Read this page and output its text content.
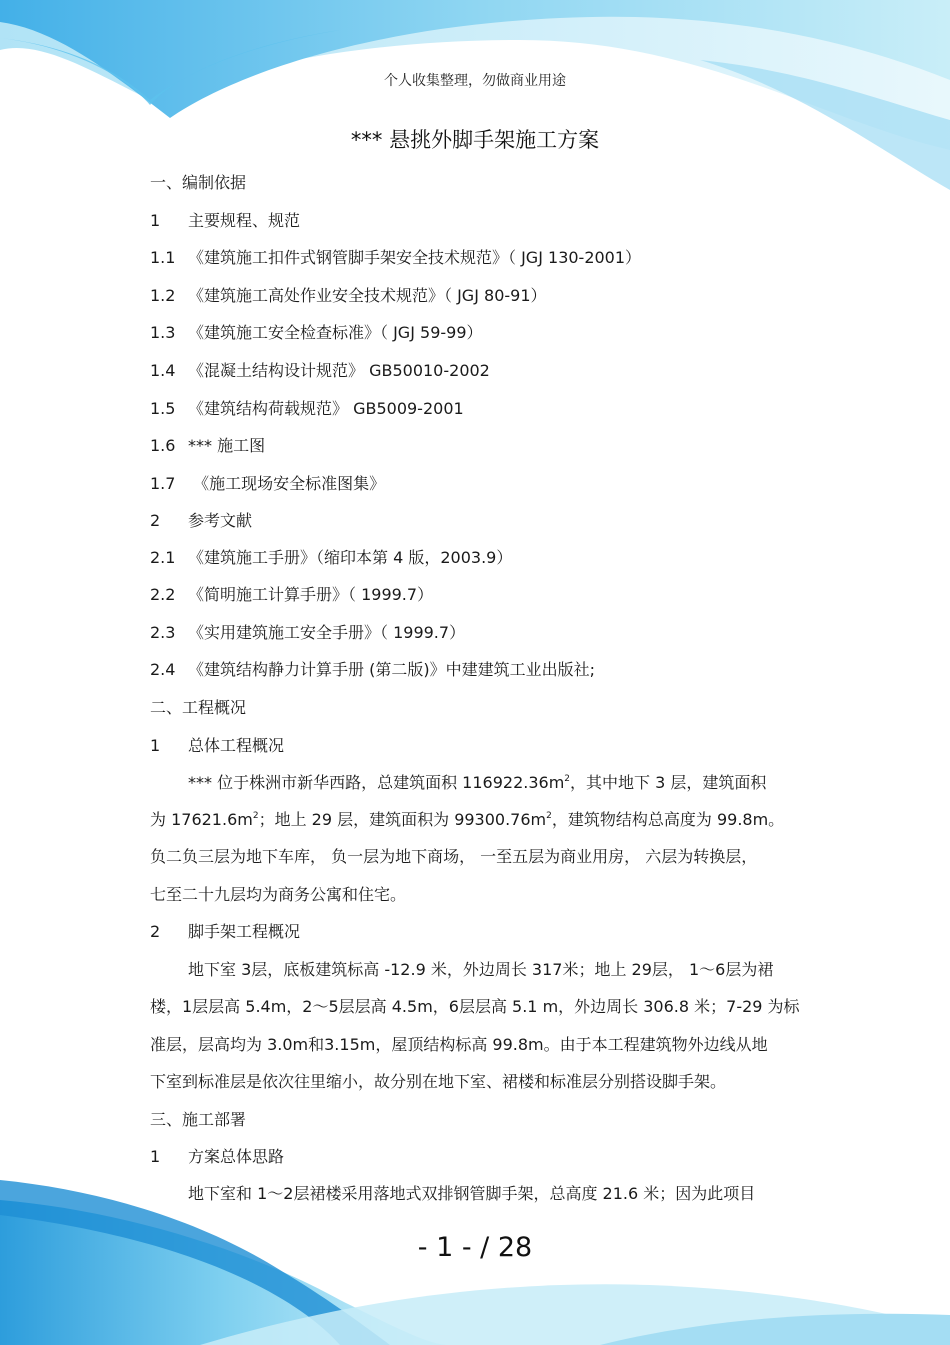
个人收集整理，勿做商业用途
*** 悬挑外脚手架施工方案
一、编制依据
1 主要规程、规范
1.1 《建筑施工扣件式钢管脚手架安全技术规范》（ JGJ 130-2001）
1.2 《建筑施工高处作业安全技术规范》（ JGJ 80-91）
1.3 《建筑施工安全检查标准》（ JGJ 59-99）
1.4 《混凝土结构设计规范》 GB50010-2002
1.5 《建筑结构荷载规范》 GB5009-2001
1.6 *** 施工图
1.7 《施工现场安全标准图集》
2 参考文献
2.1 《建筑施工手册》（缩印本第 4 版，2003.9）
2.2 《简明施工计算手册》（ 1999.7）
2.3 《实用建筑施工安全手册》（ 1999.7）
2.4 《建筑结构静力计算手册 (第二版)》中建建筑工业出版社;
二、工程概况
1 总体工程概况
*** 位于株洲市新华西路，总建筑面积 $116922.36m^2$，其中地下 3 层，建筑面积
为 $17621.6m^2$；地上 29 层，建筑面积为 $99300.76m^2$，建筑物结构总高度为 99.8m。
负二负三层为地下车库， 负一层为地下商场， 一至五层为商业用房， 六层为转换层，
七至二十九层均为商务公寓和住宅。
2 脚手架工程概况
地下室 3层，底板建筑标高 -12.9 米，外边周长 317米；地上 29层， 1～6层为裙
楼，1层层高 5.4m，2～5层层高 4.5m，6层层高 5.1 m，外边周长 306.8 米；7-29 为标
准层，层高均为 3.0m和3.15m，屋顶结构标高 99.8m。由于本工程建筑物外边线从地
下室到标准层是依次往里缩小，故分别在地下室、裙楼和标准层分别搭设脚手架。
三、施工部署
1 方案总体思路
地下室和 1～2层裙楼采用落地式双排钢管脚手架，总高度 21.6 米；因为此项目
- 1 - / 28
